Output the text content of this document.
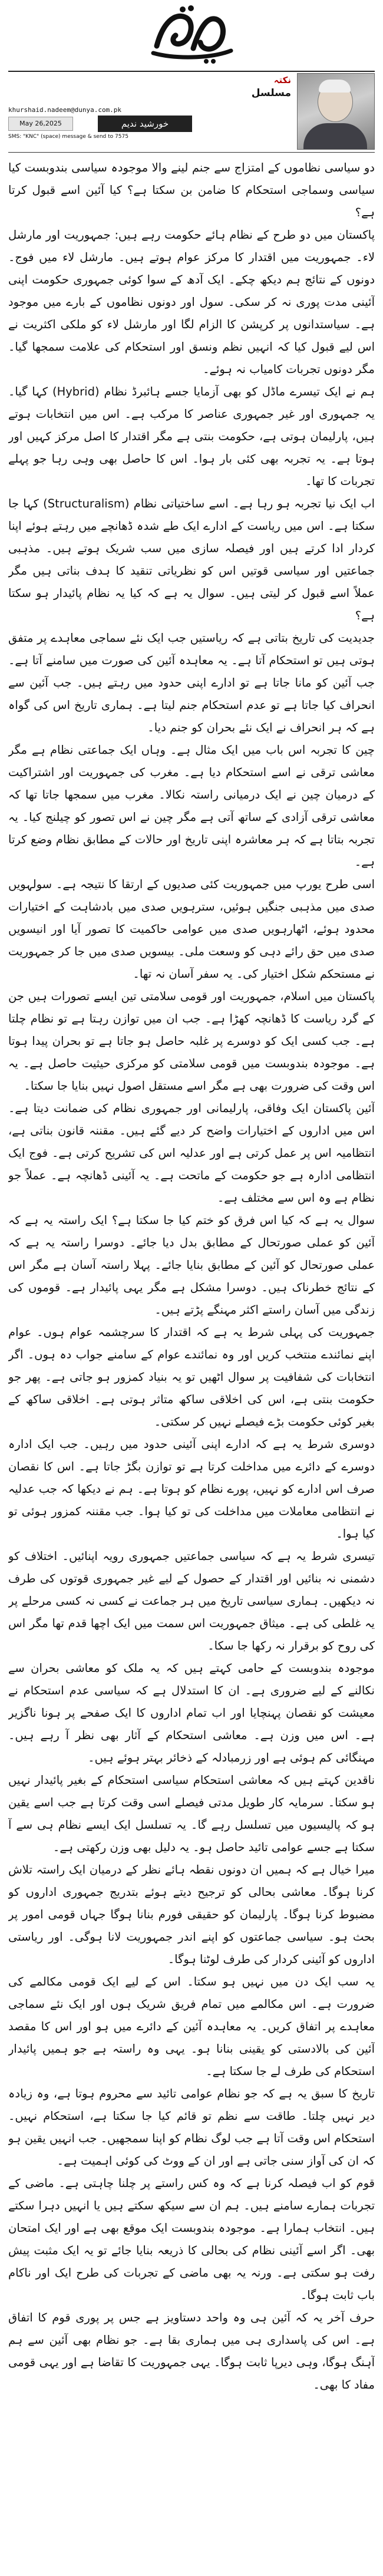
نکتہ
مسلسل
khurshaid.nadeem@dunya.com.pk
خورشید ندیم
May 26,2025
SMS: "KNC" (space) message & send to 7575

دو سیاسی نظاموں کے امتزاج سے جنم لینے والا موجودہ سیاسی بندوبست کیا سیاسی وسماجی استحکام کا ضامن بن سکتا ہے؟ کیا آئین اسے قبول کرتا ہے؟

پاکستان میں دو طرح کے نظام ہائے حکومت رہے ہیں: جمہوریت اور مارشل لاء۔ جمہوریت میں اقتدار کا مرکز عوام ہوتے ہیں۔ مارشل لاء میں فوج۔ دونوں کے نتائج ہم دیکھ چکے۔ ایک آدھ کے سوا کوئی جمہوری حکومت اپنی آئینی مدت پوری نہ کر سکی۔ سول اور دونوں نظاموں کے بارے میں موجود ہے۔ سیاستدانوں پر کرپشن کا الزام لگا اور مارشل لاء کو ملکی اکثریت نے اس لیے قبول کیا کہ انہیں نظم ونسق اور استحکام کی علامت سمجھا گیا۔ مگر دونوں تجربات کامیاب نہ ہوئے۔

ہم نے ایک تیسرے ماڈل کو بھی آزمایا جسے ہائبرڈ نظام (Hybrid) کہا گیا۔ یہ جمہوری اور غیر جمہوری عناصر کا مرکب ہے۔ اس میں انتخابات ہوتے ہیں، پارلیمان ہوتی ہے، حکومت بنتی ہے مگر اقتدار کا اصل مرکز کہیں اور ہوتا ہے۔ یہ تجربہ بھی کئی بار ہوا۔ اس کا حاصل بھی وہی رہا جو پہلے تجربات کا تھا۔

اب ایک نیا تجربہ ہو رہا ہے۔ اسے ساختیاتی نظام (Structuralism) کہا جا سکتا ہے۔ اس میں ریاست کے ادارے ایک طے شدہ ڈھانچے میں رہتے ہوئے اپنا کردار ادا کرتے ہیں اور فیصلہ سازی میں سب شریک ہوتے ہیں۔ مذہبی جماعتیں اور سیاسی قوتیں اس کو نظریاتی تنقید کا ہدف بناتی ہیں مگر عملاً اسے قبول کر لیتی ہیں۔ سوال یہ ہے کہ کیا یہ نظام پائیدار ہو سکتا ہے؟

جدیدیت کی تاریخ بتاتی ہے کہ ریاستیں جب ایک نئے سماجی معاہدے پر متفق ہوتی ہیں تو استحکام آتا ہے۔ یہ معاہدہ آئین کی صورت میں سامنے آتا ہے۔ جب آئین کو مانا جاتا ہے تو ادارے اپنی حدود میں رہتے ہیں۔ جب آئین سے انحراف کیا جاتا ہے تو عدم استحکام جنم لیتا ہے۔ ہماری تاریخ اس کی گواہ ہے کہ ہر انحراف نے ایک نئے بحران کو جنم دیا۔

چین کا تجربہ اس باب میں ایک مثال ہے۔ وہاں ایک جماعتی نظام ہے مگر معاشی ترقی نے اسے استحکام دیا ہے۔ مغرب کی جمہوریت اور اشتراکیت کے درمیان چین نے ایک درمیانی راستہ نکالا۔ مغرب میں سمجھا جاتا تھا کہ معاشی ترقی آزادی کے ساتھ آتی ہے مگر چین نے اس تصور کو چیلنج کیا۔ یہ تجربہ بتاتا ہے کہ ہر معاشرہ اپنی تاریخ اور حالات کے مطابق نظام وضع کرتا ہے۔

اسی طرح یورپ میں جمہوریت کئی صدیوں کے ارتقا کا نتیجہ ہے۔ سولہویں صدی میں مذہبی جنگیں ہوئیں، سترہویں صدی میں بادشاہت کے اختیارات محدود ہوئے، اٹھارہویں صدی میں عوامی حاکمیت کا تصور آیا اور انیسویں صدی میں حق رائے دہی کو وسعت ملی۔ بیسویں صدی میں جا کر جمہوریت نے مستحکم شکل اختیار کی۔ یہ سفر آسان نہ تھا۔

پاکستان میں اسلام، جمہوریت اور قومی سلامتی تین ایسے تصورات ہیں جن کے گرد ریاست کا ڈھانچہ کھڑا ہے۔ جب ان میں توازن رہتا ہے تو نظام چلتا ہے۔ جب کسی ایک کو دوسرے پر غلبہ حاصل ہو جاتا ہے تو بحران پیدا ہوتا ہے۔ موجودہ بندوبست میں قومی سلامتی کو مرکزی حیثیت حاصل ہے۔ یہ اس وقت کی ضرورت بھی ہے مگر اسے مستقل اصول نہیں بنایا جا سکتا۔

آئین پاکستان ایک وفاقی، پارلیمانی اور جمہوری نظام کی ضمانت دیتا ہے۔ اس میں اداروں کے اختیارات واضح کر دیے گئے ہیں۔ مقننہ قانون بناتی ہے، انتظامیہ اس پر عمل کرتی ہے اور عدلیہ اس کی تشریح کرتی ہے۔ فوج ایک انتظامی ادارہ ہے جو حکومت کے ماتحت ہے۔ یہ آئینی ڈھانچہ ہے۔ عملاً جو نظام ہے وہ اس سے مختلف ہے۔

سوال یہ ہے کہ کیا اس فرق کو ختم کیا جا سکتا ہے؟ ایک راستہ یہ ہے کہ آئین کو عملی صورتحال کے مطابق بدل دیا جائے۔ دوسرا راستہ یہ ہے کہ عملی صورتحال کو آئین کے مطابق بنایا جائے۔ پہلا راستہ آسان ہے مگر اس کے نتائج خطرناک ہیں۔ دوسرا مشکل ہے مگر یہی پائیدار ہے۔ قوموں کی زندگی میں آسان راستے اکثر مہنگے پڑتے ہیں۔

جمہوریت کی پہلی شرط یہ ہے کہ اقتدار کا سرچشمہ عوام ہوں۔ عوام اپنے نمائندے منتخب کریں اور وہ نمائندے عوام کے سامنے جواب دہ ہوں۔ اگر انتخابات کی شفافیت پر سوال اٹھیں تو یہ بنیاد کمزور ہو جاتی ہے۔ پھر جو حکومت بنتی ہے، اس کی اخلاقی ساکھ متاثر ہوتی ہے۔ اخلاقی ساکھ کے بغیر کوئی حکومت بڑے فیصلے نہیں کر سکتی۔

دوسری شرط یہ ہے کہ ادارے اپنی آئینی حدود میں رہیں۔ جب ایک ادارہ دوسرے کے دائرے میں مداخلت کرتا ہے تو توازن بگڑ جاتا ہے۔ اس کا نقصان صرف اس ادارے کو نہیں، پورے نظام کو ہوتا ہے۔ ہم نے دیکھا کہ جب عدلیہ نے انتظامی معاملات میں مداخلت کی تو کیا ہوا۔ جب مقننہ کمزور ہوئی تو کیا ہوا۔

تیسری شرط یہ ہے کہ سیاسی جماعتیں جمہوری رویہ اپنائیں۔ اختلاف کو دشمنی نہ بنائیں اور اقتدار کے حصول کے لیے غیر جمہوری قوتوں کی طرف نہ دیکھیں۔ ہماری سیاسی تاریخ میں ہر جماعت نے کسی نہ کسی مرحلے پر یہ غلطی کی ہے۔ میثاق جمہوریت اس سمت میں ایک اچھا قدم تھا مگر اس کی روح کو برقرار نہ رکھا جا سکا۔

موجودہ بندوبست کے حامی کہتے ہیں کہ یہ ملک کو معاشی بحران سے نکالنے کے لیے ضروری ہے۔ ان کا استدلال ہے کہ سیاسی عدم استحکام نے معیشت کو نقصان پہنچایا اور اب تمام اداروں کا ایک صفحے پر ہونا ناگزیر ہے۔ اس میں وزن ہے۔ معاشی استحکام کے آثار بھی نظر آ رہے ہیں۔ مہنگائی کم ہوئی ہے اور زرمبادلہ کے ذخائر بہتر ہوئے ہیں۔

ناقدین کہتے ہیں کہ معاشی استحکام سیاسی استحکام کے بغیر پائیدار نہیں ہو سکتا۔ سرمایہ کار طویل مدتی فیصلے اسی وقت کرتا ہے جب اسے یقین ہو کہ پالیسیوں میں تسلسل رہے گا۔ یہ تسلسل ایک ایسے نظام ہی سے آ سکتا ہے جسے عوامی تائید حاصل ہو۔ یہ دلیل بھی وزن رکھتی ہے۔

میرا خیال ہے کہ ہمیں ان دونوں نقطہ ہائے نظر کے درمیان ایک راستہ تلاش کرنا ہوگا۔ معاشی بحالی کو ترجیح دیتے ہوئے بتدریج جمہوری اداروں کو مضبوط کرنا ہوگا۔ پارلیمان کو حقیقی فورم بنانا ہوگا جہاں قومی امور پر بحث ہو۔ سیاسی جماعتوں کو اپنے اندر جمہوریت لانا ہوگی۔ اور ریاستی اداروں کو آئینی کردار کی طرف لوٹنا ہوگا۔

یہ سب ایک دن میں نہیں ہو سکتا۔ اس کے لیے ایک قومی مکالمے کی ضرورت ہے۔ اس مکالمے میں تمام فریق شریک ہوں اور ایک نئے سماجی معاہدے پر اتفاق کریں۔ یہ معاہدہ آئین کے دائرے میں ہو اور اس کا مقصد آئین کی بالادستی کو یقینی بنانا ہو۔ یہی وہ راستہ ہے جو ہمیں پائیدار استحکام کی طرف لے جا سکتا ہے۔

تاریخ کا سبق یہ ہے کہ جو نظام عوامی تائید سے محروم ہوتا ہے، وہ زیادہ دیر نہیں چلتا۔ طاقت سے نظم تو قائم کیا جا سکتا ہے، استحکام نہیں۔ استحکام اس وقت آتا ہے جب لوگ نظام کو اپنا سمجھیں۔ جب انہیں یقین ہو کہ ان کی آواز سنی جاتی ہے اور ان کے ووٹ کی کوئی اہمیت ہے۔

قوم کو اب فیصلہ کرنا ہے کہ وہ کس راستے پر چلنا چاہتی ہے۔ ماضی کے تجربات ہمارے سامنے ہیں۔ ہم ان سے سیکھ سکتے ہیں یا انہیں دہرا سکتے ہیں۔ انتخاب ہمارا ہے۔ موجودہ بندوبست ایک موقع بھی ہے اور ایک امتحان بھی۔ اگر اسے آئینی نظام کی بحالی کا ذریعہ بنایا جائے تو یہ ایک مثبت پیش رفت ہو سکتی ہے۔ ورنہ یہ بھی ماضی کے تجربات کی طرح ایک اور ناکام باب ثابت ہوگا۔

حرف آخر یہ کہ آئین ہی وہ واحد دستاویز ہے جس پر پوری قوم کا اتفاق ہے۔ اس کی پاسداری ہی میں ہماری بقا ہے۔ جو نظام بھی آئین سے ہم آہنگ ہوگا، وہی دیرپا ثابت ہوگا۔ یہی جمہوریت کا تقاضا ہے اور یہی قومی مفاد کا بھی۔
